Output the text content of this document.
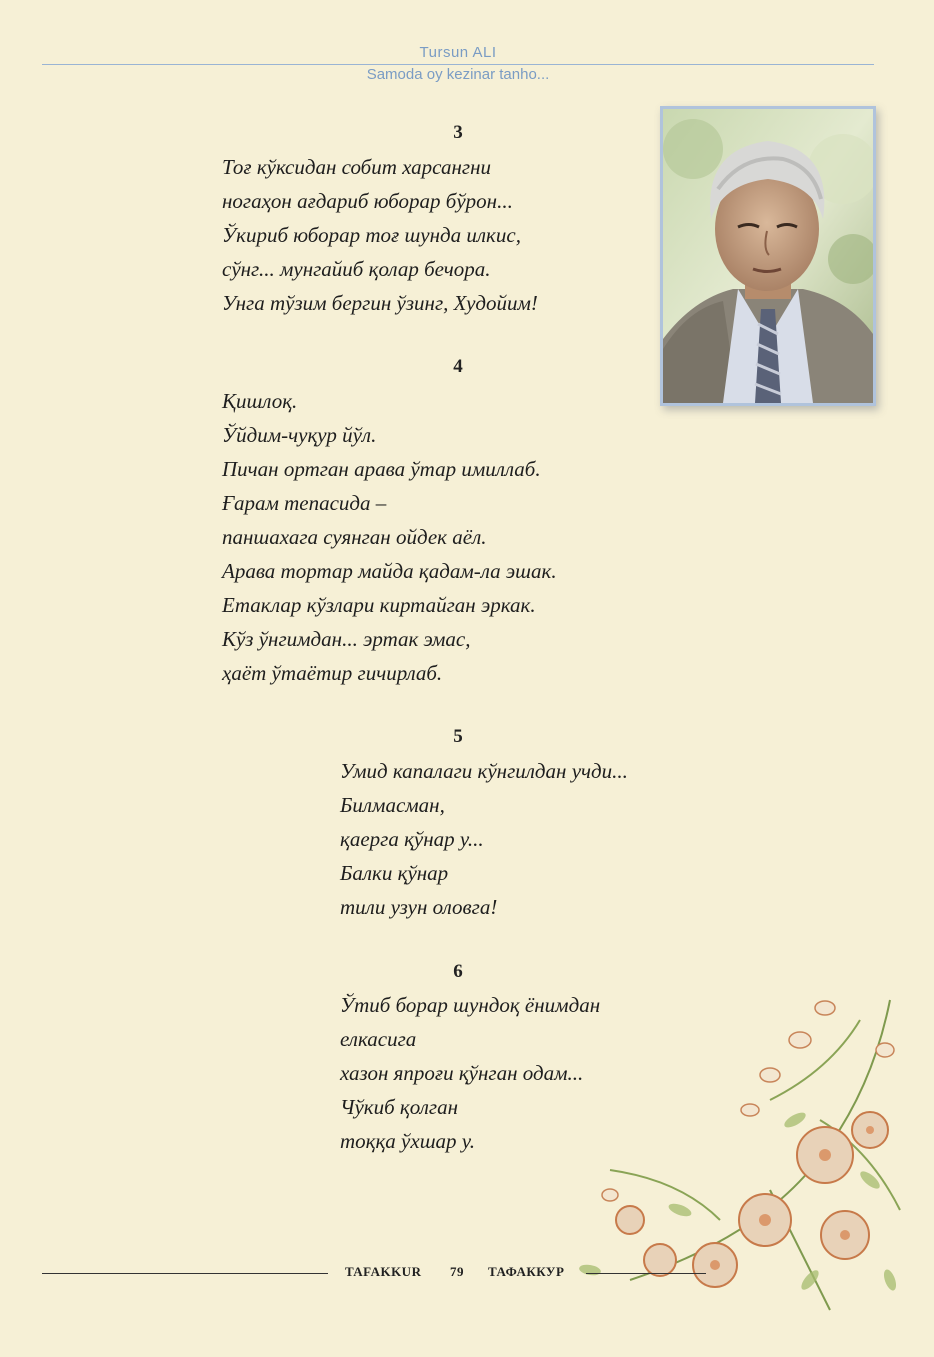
Tursun ALI
Samoda oy kezinar tanho...
3
Тоғ кўксидан собит харсангни
ногаҳон ағдариб юборар бўрон...
Ўкириб юборар тоғ шунда илкис,
сўнг... мунгайиб қолар бечора.
Унга тўзим бергин ўзинг, Худойим!
4
Қишлоқ.
Ўйдим-чуқур йўл.
Пичан ортган арава ўтар имиллаб.
Ғарам тепасида –
паншахага суянган ойдек аёл.
Арава тортар майда қадам-ла эшак.
Етаклар кўзлари киртайган эркак.
Кўз ўнгимдан... эртак эмас,
ҳаёт ўтаётир гичирлаб.
5
Умид капалаги кўнгилдан учди...
Билмасман,
қаерга қўнар у...
Балки қўнар
тили узун оловга!
6
Ўтиб борар шундоқ ёнимдан
елкасига
хазон япроғи қўнган одам...
Чўкиб қолган
тоққа ўхшар у.
TAFAKKUR 79 ТАФАККУР
